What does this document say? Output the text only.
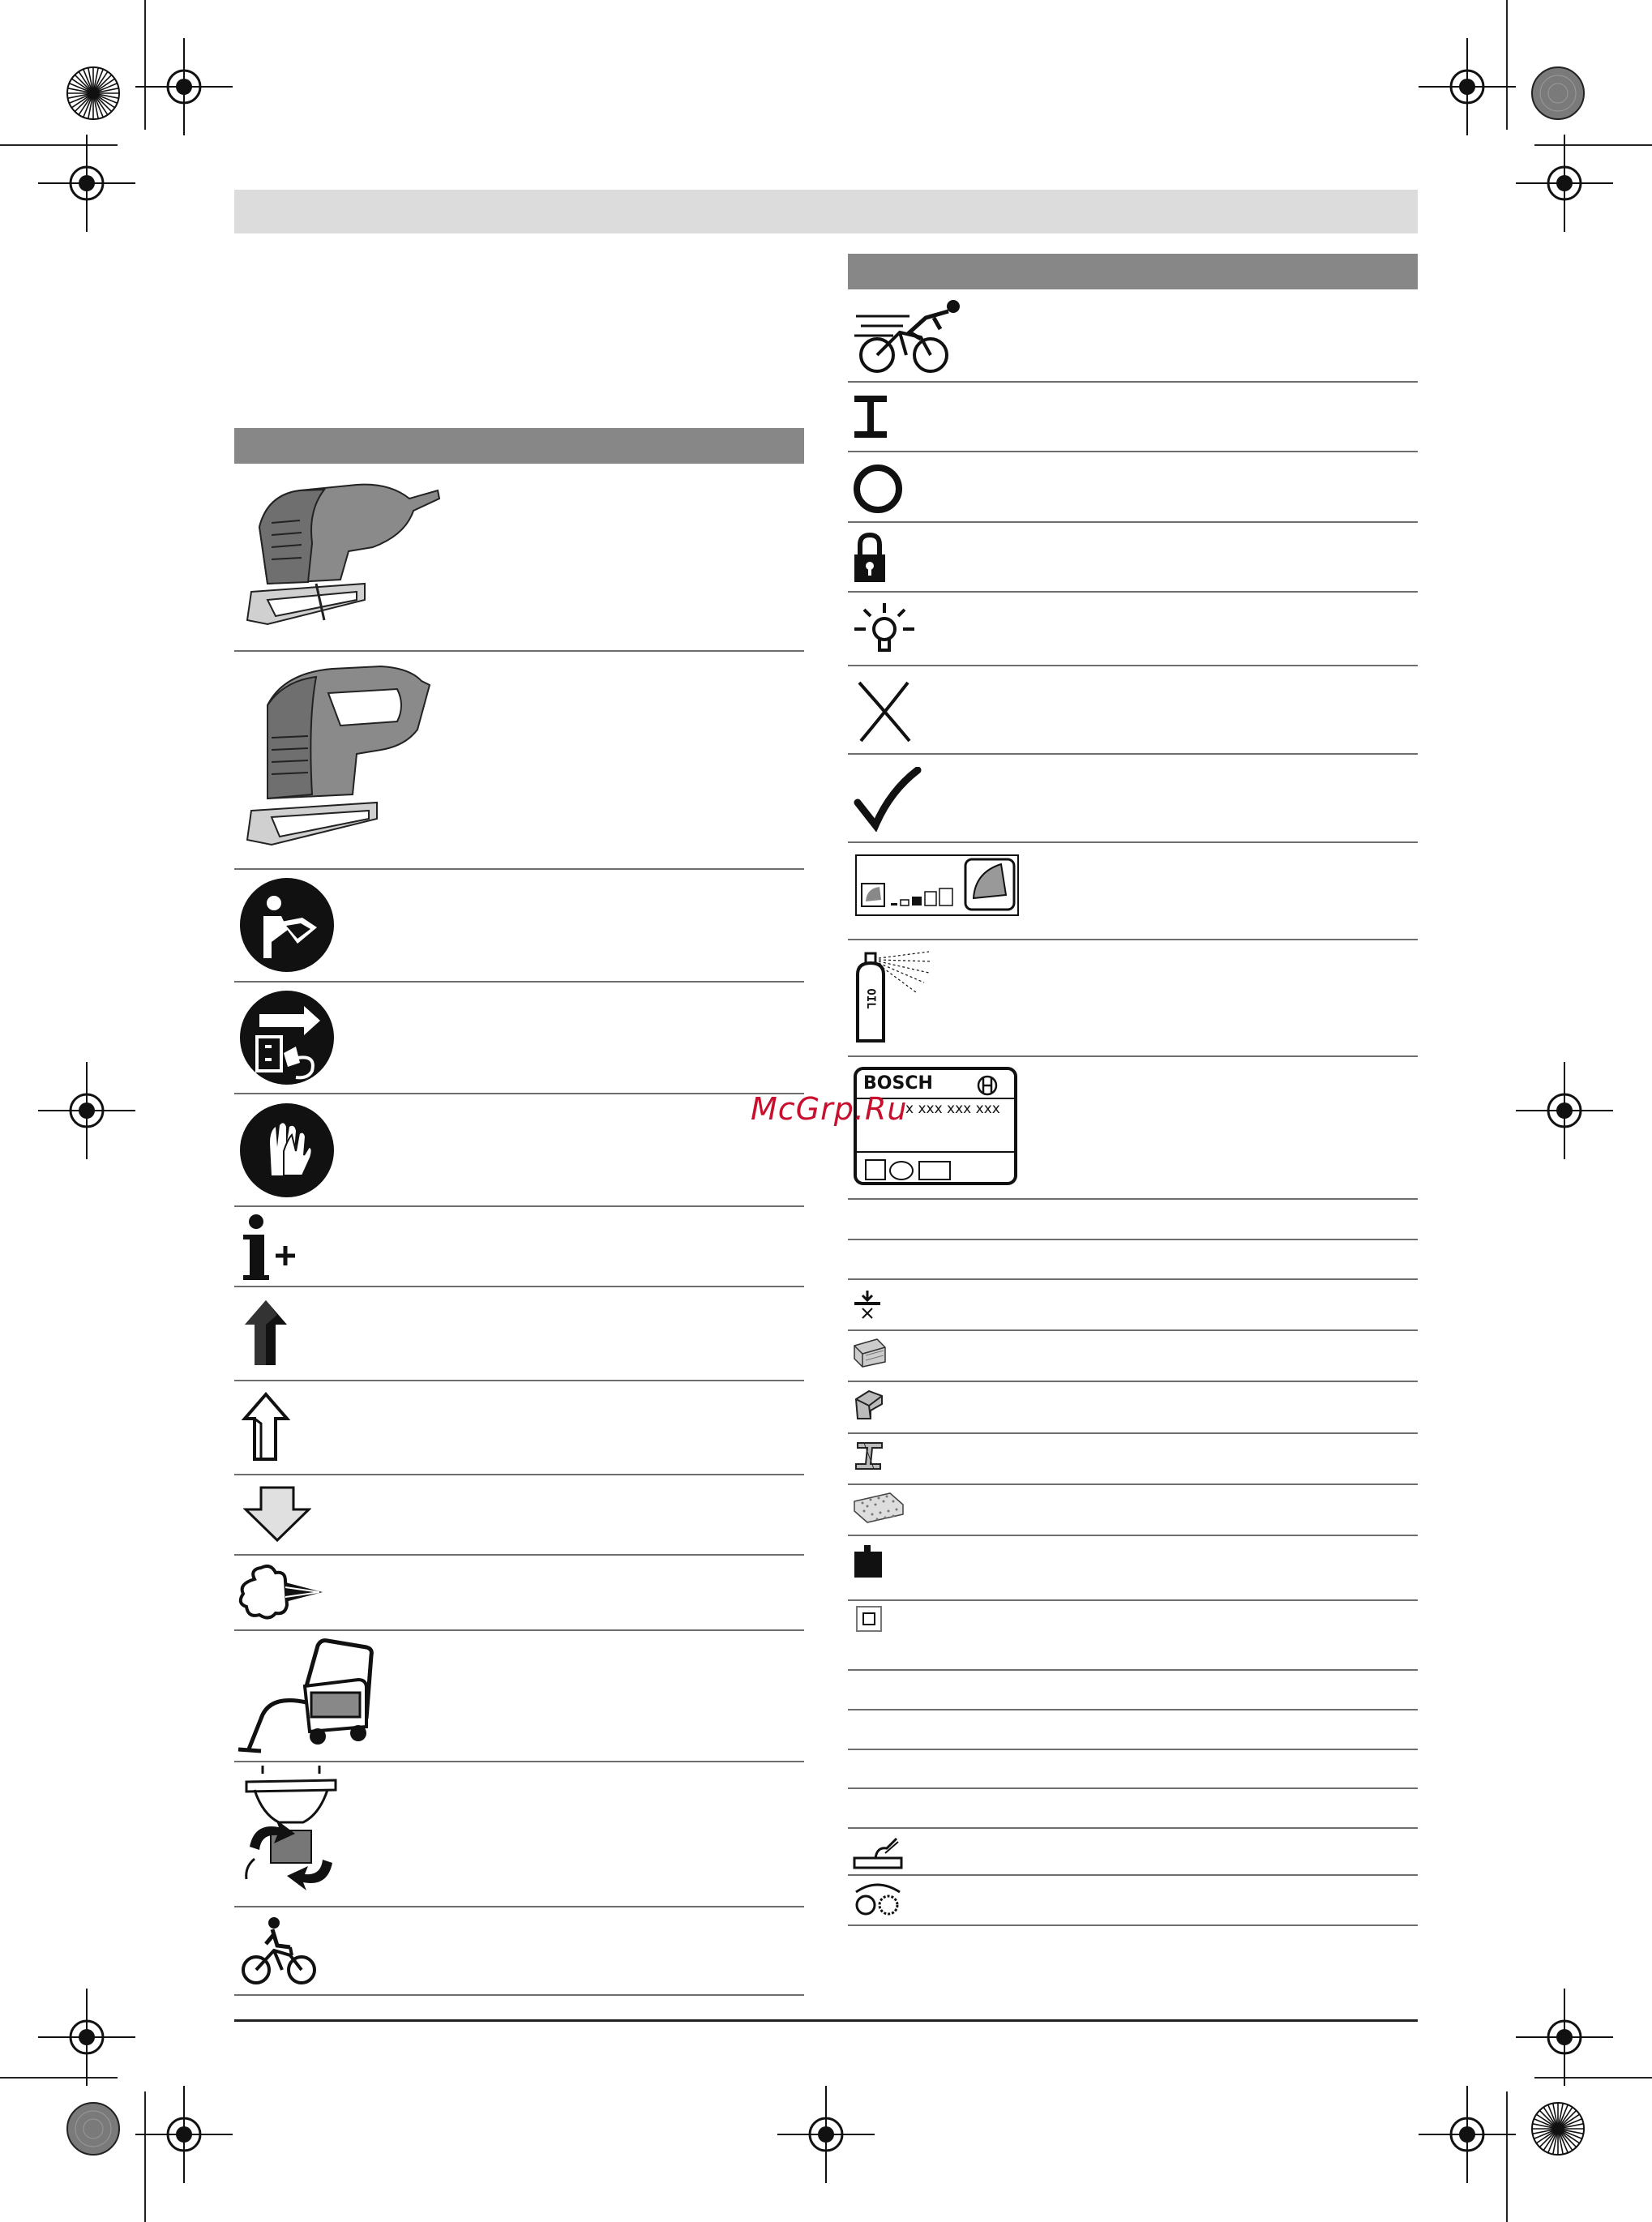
OIL
BOSCH
x xxx xxx xxx
McGrp.Ru
